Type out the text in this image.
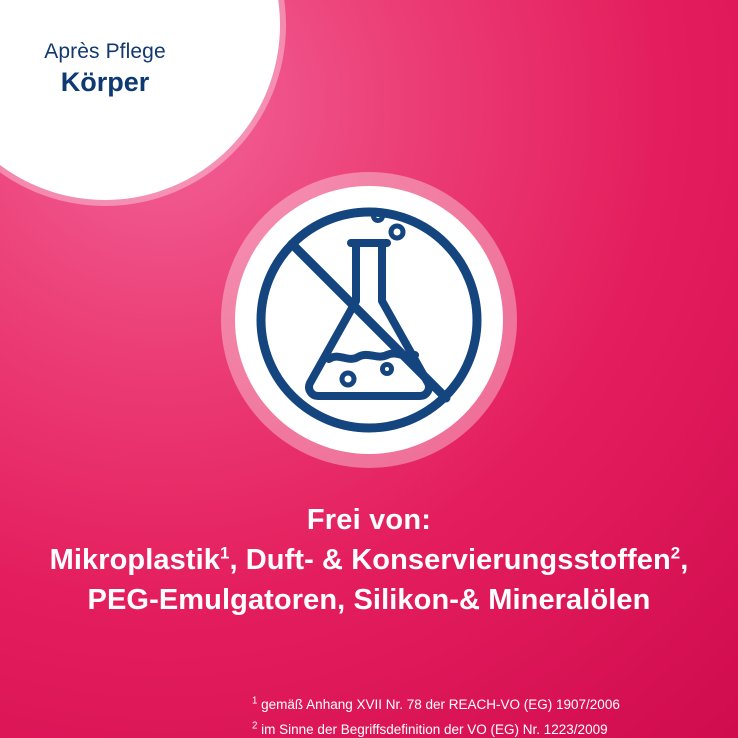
Après Pflege
Körper
Frei von:
Mikroplastik$^1$, Duft- & Konservierungsstoffen$^2$,
PEG-Emulgatoren, Silikon-& Mineralölen
$^1$ gemäß Anhang XVII Nr. 78 der REACH-VO (EG) 1907/2006
$^2$ im Sinne der Begriffsdefinition der VO (EG) Nr. 1223/2009
